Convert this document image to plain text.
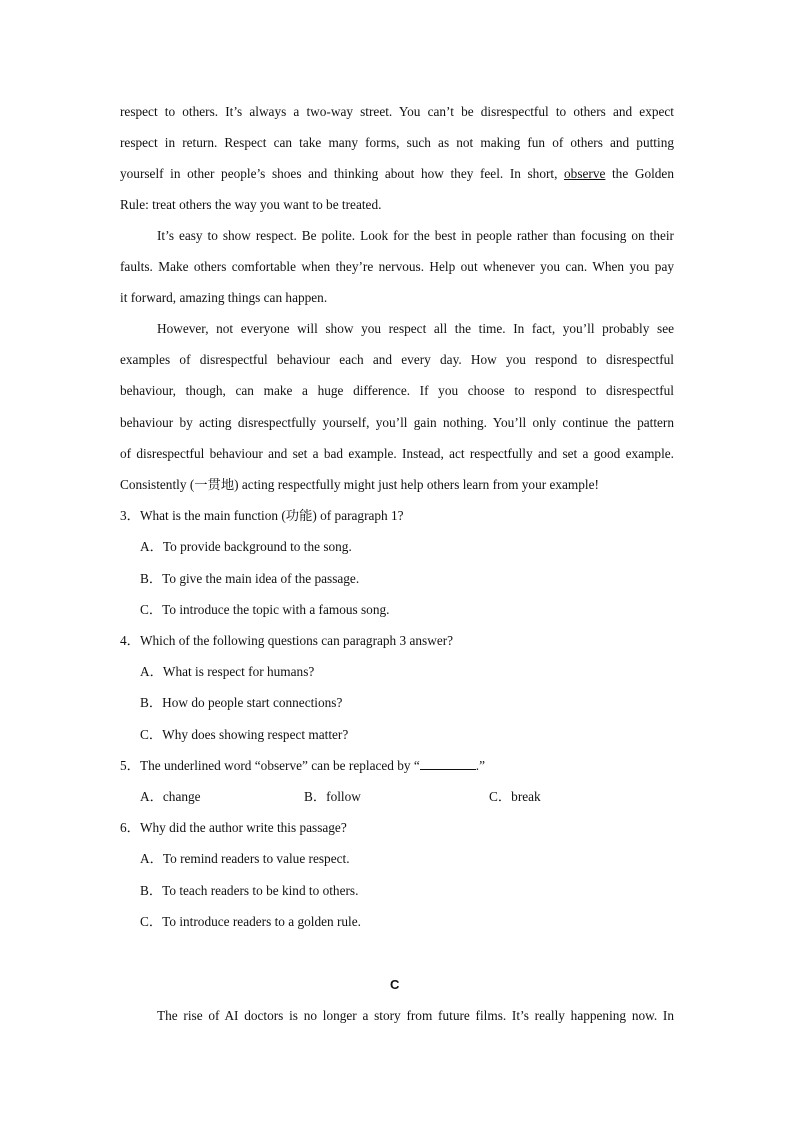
respect to others. It’s always a two-way street. You can’t be disrespectful to others and expect
respect in return. Respect can take many forms, such as not making fun of others and putting
yourself in other people’s shoes and thinking about how they feel. In short, observe the Golden
Rule: treat others the way you want to be treated.
It’s easy to show respect. Be polite. Look for the best in people rather than focusing on their
faults. Make others comfortable when they’re nervous. Help out whenever you can. When you pay
it forward, amazing things can happen.
However, not everyone will show you respect all the time. In fact, you’ll probably see
examples of disrespectful behaviour each and every day. How you respond to disrespectful
behaviour, though, can make a huge difference. If you choose to respond to disrespectful
behaviour by acting disrespectfully yourself, you’ll gain nothing. You’ll only continue the pattern
of disrespectful behaviour and set a bad example. Instead, act respectfully and set a good example.
Consistently (一贯地) acting respectfully might just help others learn from your example!
3．What is the main function (功能) of paragraph 1?
A．To provide background to the song.
B．To give the main idea of the passage.
C．To introduce the topic with a famous song.
4．Which of the following questions can paragraph 3 answer?
A．What is respect for humans?
B．How do people start connections?
C．Why does showing respect matter?
5．The underlined word “observe” can be replaced by “	.”
A．change	B．follow	C．break
6．Why did the author write this passage?
A．To remind readers to value respect.
B．To teach readers to be kind to others.
C．To introduce readers to a golden rule.
C
The rise of AI doctors is no longer a story from future films. It’s really happening now. In
